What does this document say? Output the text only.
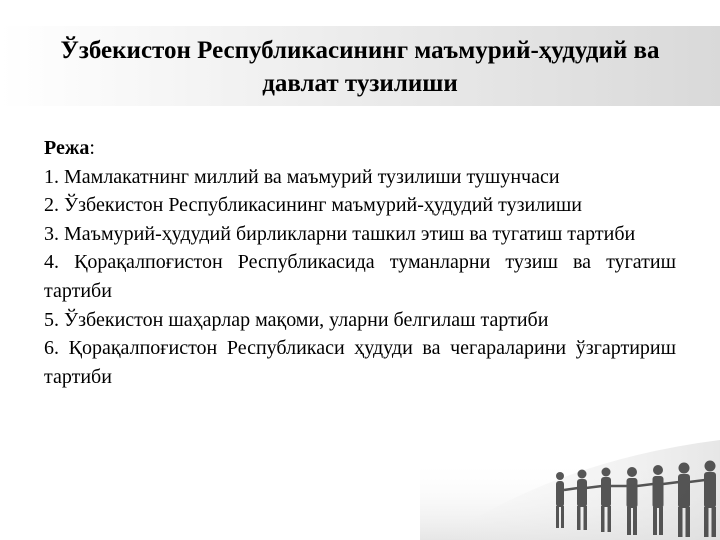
Ўзбекистон Республикасининг маъмурий-ҳудудий ва давлат тузилиши
Режа:
1. Мамлакатнинг миллий ва маъмурий тузилиши тушунчаси
2. Ўзбекистон Республикасининг маъмурий-ҳудудий тузилиши
3. Маъмурий-ҳудудий бирликларни ташкил этиш ва тугатиш тартиби
4. Қорақалпоғистон Республикасида туманларни тузиш ва тугатиш тартиби
5. Ўзбекистон шаҳарлар мақоми, уларни белгилаш тартиби
6. Қорақалпоғистон Республикаси ҳудуди ва чегараларини ўзгартириш тартиби
